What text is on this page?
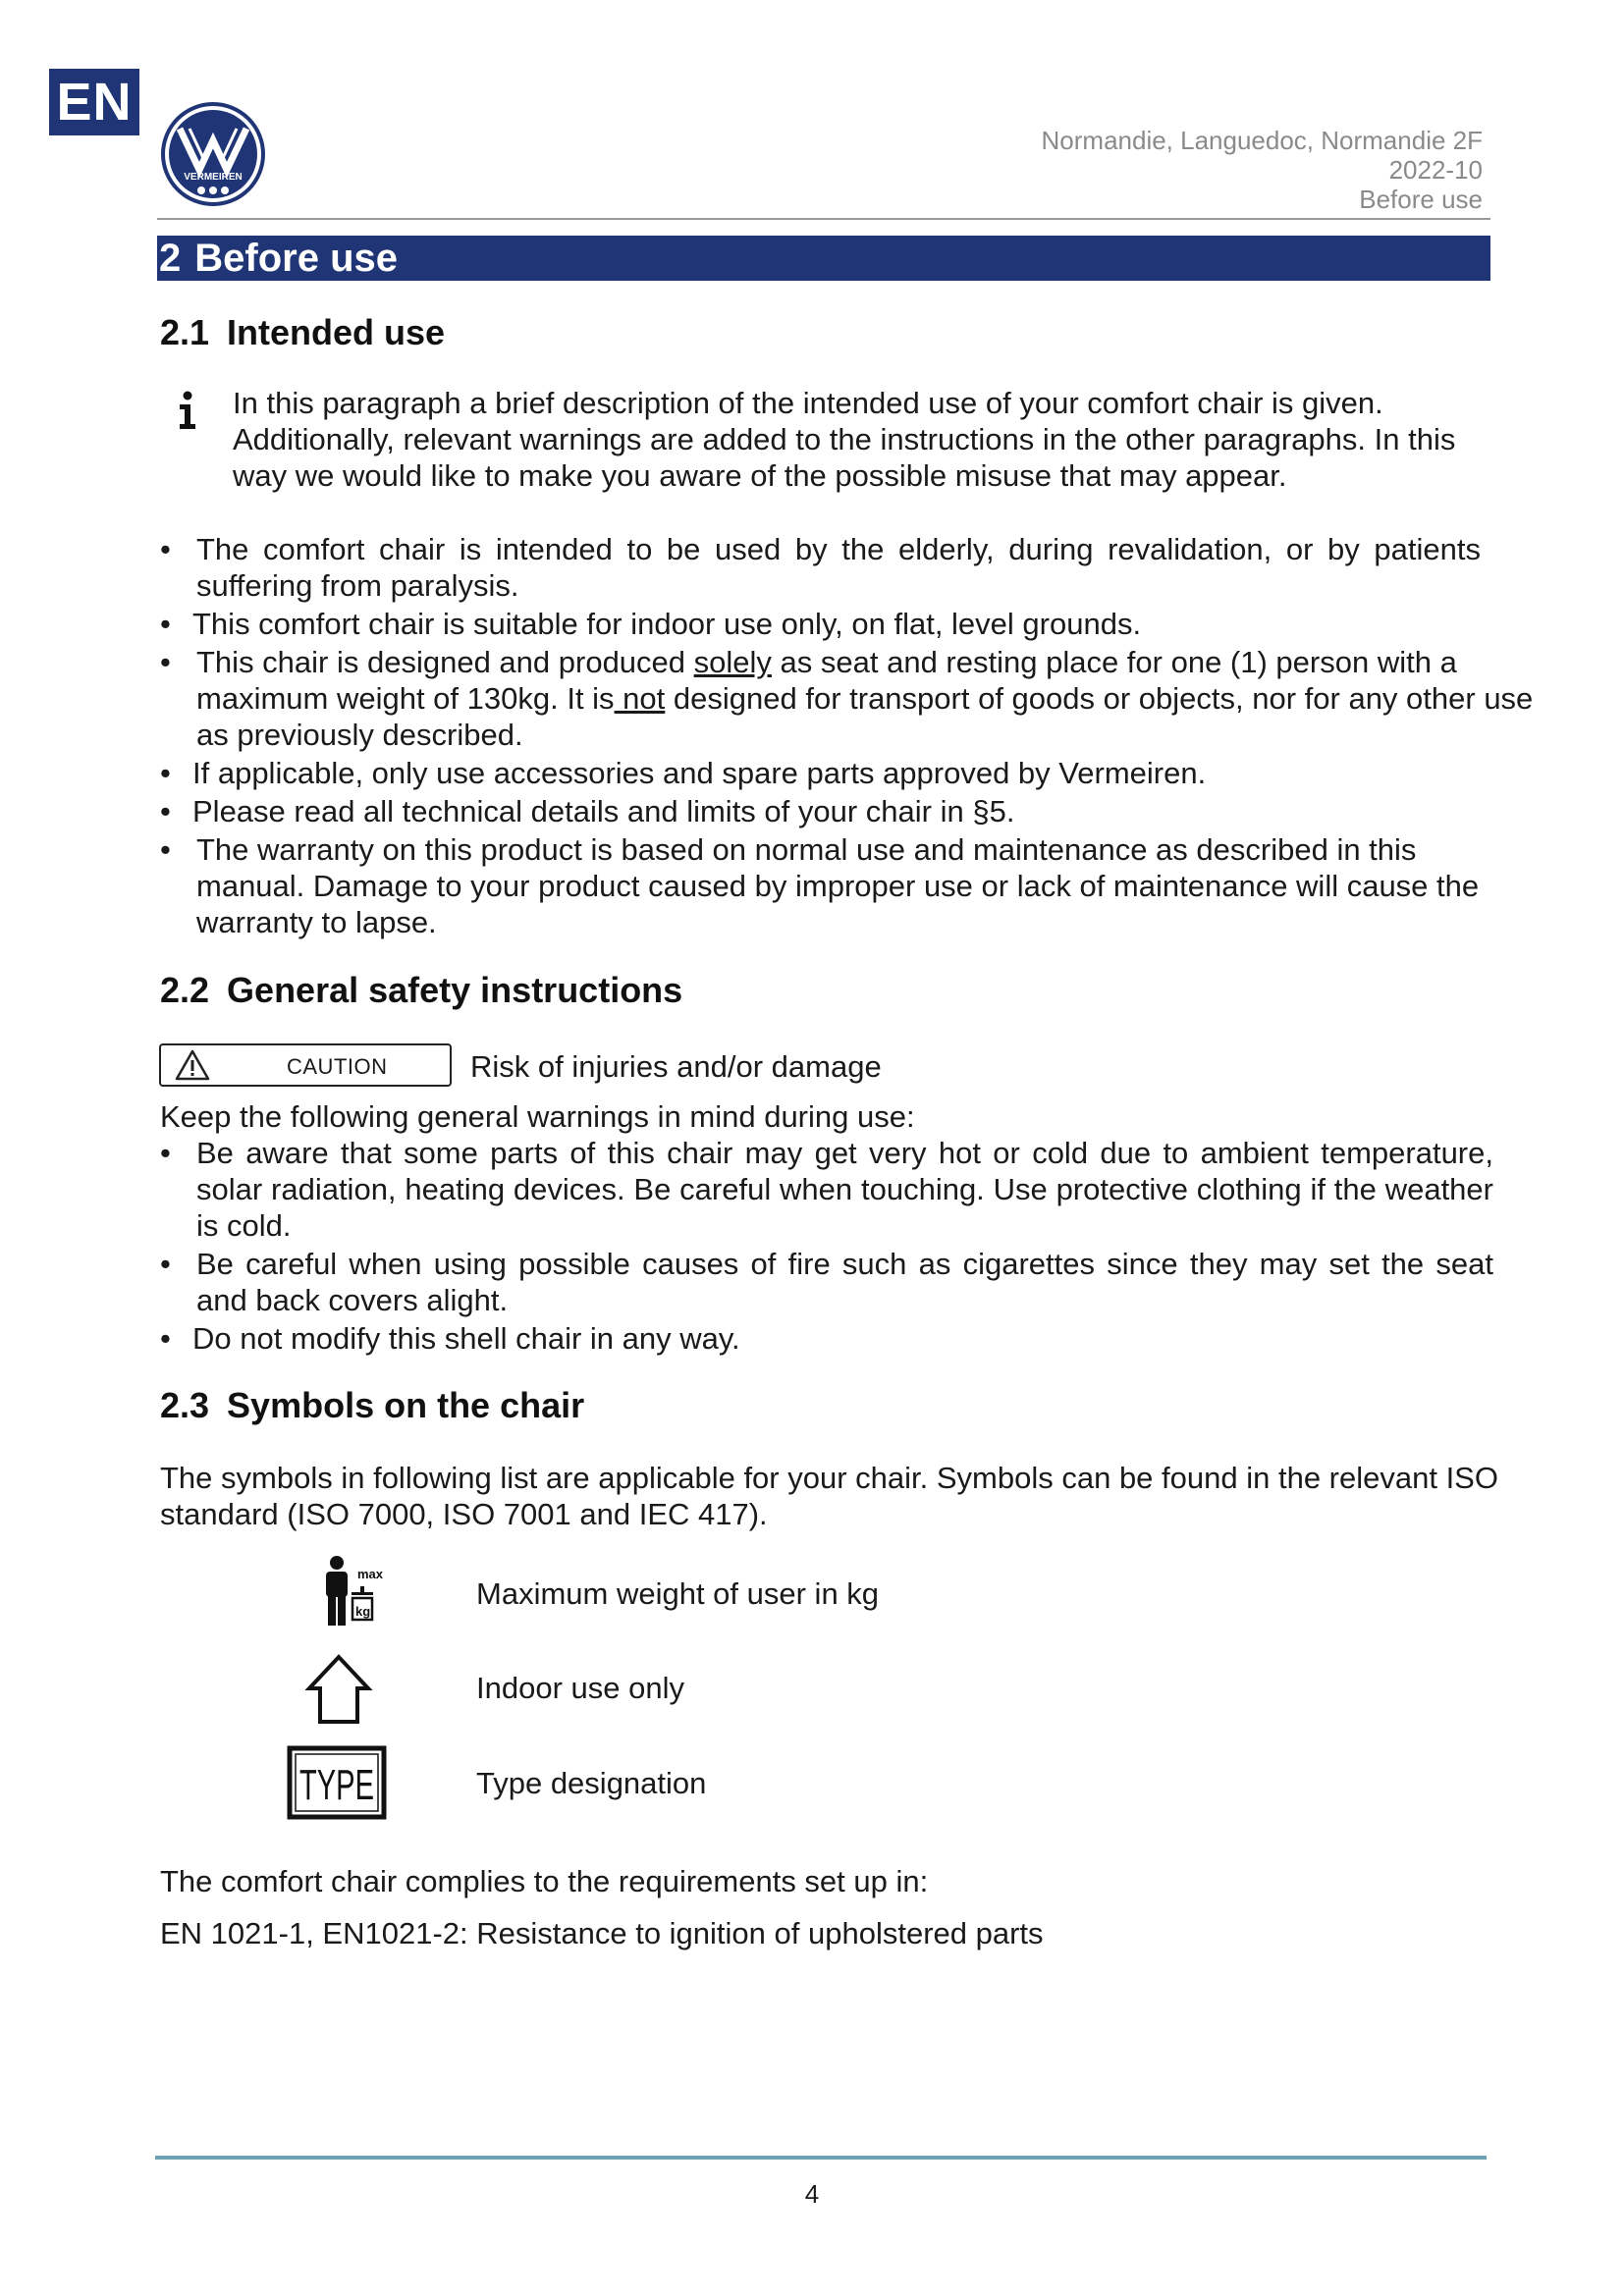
EN
VERMEIREN
Normandie, Languedoc, Normandie 2F
2022-10
Before use
2 Before use
2.1 Intended use

In this paragraph a brief description of the intended use of your comfort chair is given. Additionally, relevant warnings are added to the instructions in the other paragraphs. In this way we would like to make you aware of the possible misuse that may appear.

• The comfort chair is intended to be used by the elderly, during revalidation, or by patients suffering from paralysis.
• This comfort chair is suitable for indoor use only, on flat, level grounds.
• This chair is designed and produced solely as seat and resting place for one (1) person with a maximum weight of 130kg. It is not designed for transport of goods or objects, nor for any other use as previously described.
• If applicable, only use accessories and spare parts approved by Vermeiren.
• Please read all technical details and limits of your chair in §5.
• The warranty on this product is based on normal use and maintenance as described in this manual. Damage to your product caused by improper use or lack of maintenance will cause the warranty to lapse.
2.2 General safety instructions
CAUTION	Risk of injuries and/or damage

Keep the following general warnings in mind during use:

• Be aware that some parts of this chair may get very hot or cold due to ambient temperature, solar radiation, heating devices. Be careful when touching. Use protective clothing if the weather is cold.
• Be careful when using possible causes of fire such as cigarettes since they may set the seat and back covers alight.
• Do not modify this shell chair in any way.
2.3 Symbols on the chair

The symbols in following list are applicable for your chair. Symbols can be found in the relevant ISO standard (ISO 7000, ISO 7001 and IEC 417).

max
kg
Maximum weight of user in kg
Indoor use only
TYPE	Type designation

The comfort chair complies to the requirements set up in:

EN 1021-1, EN1021-2: Resistance to ignition of upholstered parts

4
